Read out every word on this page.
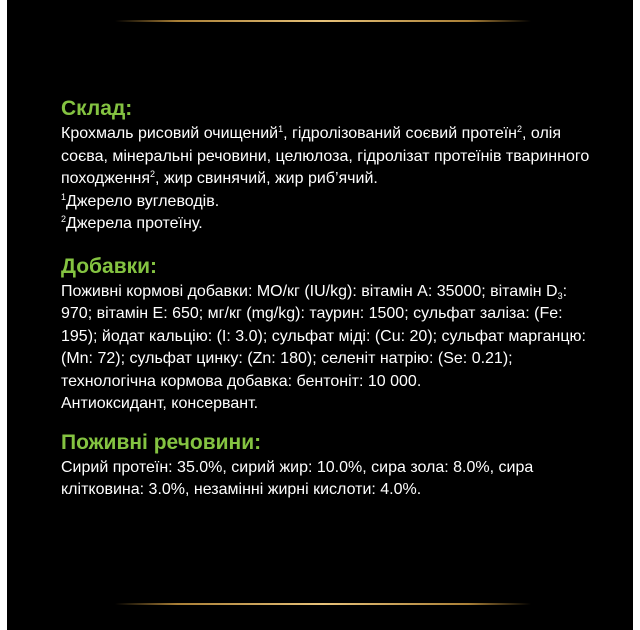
Склад:

Крохмаль рисовий очищений$^1$, гідролізований соєвий протеїн$^2$, олія соєва, мінеральні речовини, целюлоза, гідролізат протеїнів тваринного походження$^2$, жир свинячий, жир риб’ячий.

$^1$Джерело вуглеводів.

$^2$Джерела протеїну.

Добавки:

Поживні кормові добавки: МО/кг (IU/kg): вітамін А: 35000; вітамін $D_3$: 970; вітамін Е: 650; мг/кг (mg/kg): таурин: 1500; сульфат заліза: (Fe: 195); йодат кальцію: (I: 3.0); сульфат міді: (Cu: 20); сульфат марганцю: (Mn: 72); сульфат цинку: (Zn: 180); селеніт натрію: (Se: 0.21); технологічна кормова добавка: бентоніт: 10 000.

Антиоксидант, консервант.

Поживні речовини:

Сирий протеїн: 35.0%, сирий жир: 10.0%, сира зола: 8.0%, сира клітковина: 3.0%, незамінні жирні кислоти: 4.0%.
